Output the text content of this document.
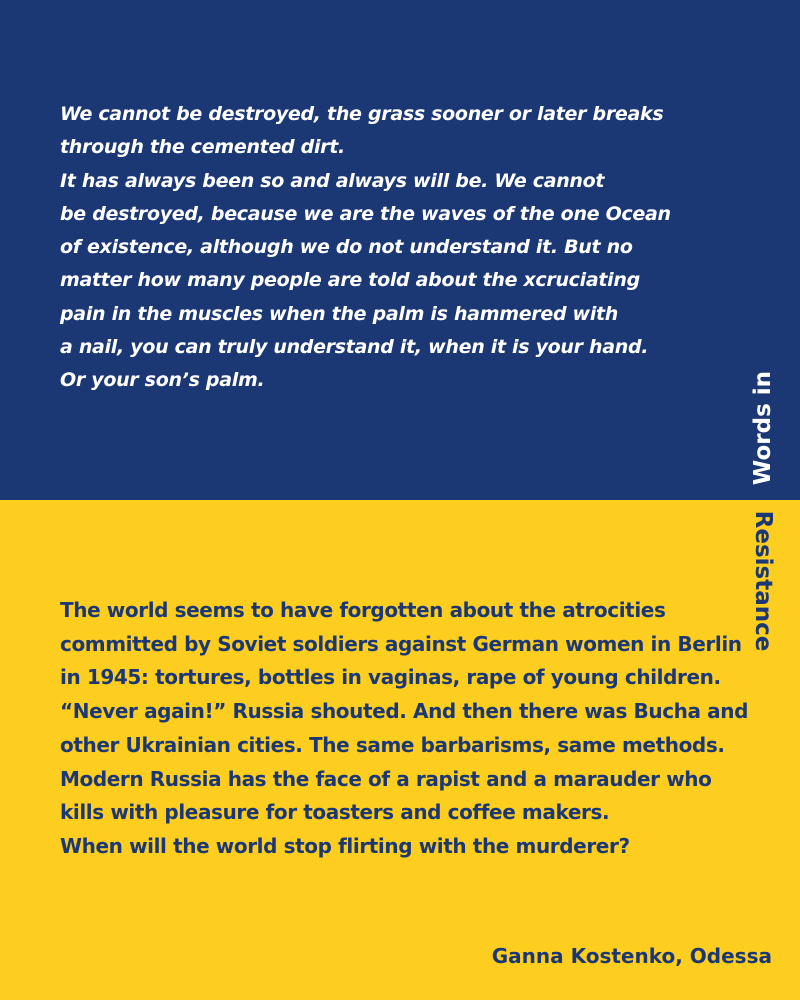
We cannot be destroyed, the grass sooner or later breaks
through the cemented dirt.
It has always been so and always will be. We cannot
be destroyed, because we are the waves of the one Ocean
of existence, although we do not understand it. But no
matter how many people are told about the xcruciating
pain in the muscles when the palm is hammered with
a nail, you can truly understand it, when it is your hand.
Or your son’s palm.	Words in
Resistance
The world seems to have forgotten about the atrocities
committed by Soviet soldiers against German women in Berlin
in 1945: tortures, bottles in vaginas, rape of young children.
“Never again!” Russia shouted. And then there was Bucha and
other Ukrainian cities. The same barbarisms, same methods.
Modern Russia has the face of a rapist and a marauder who
kills with pleasure for toasters and coffee makers.
When will the world stop flirting with the murderer?
Ganna Kostenko, Odessa
